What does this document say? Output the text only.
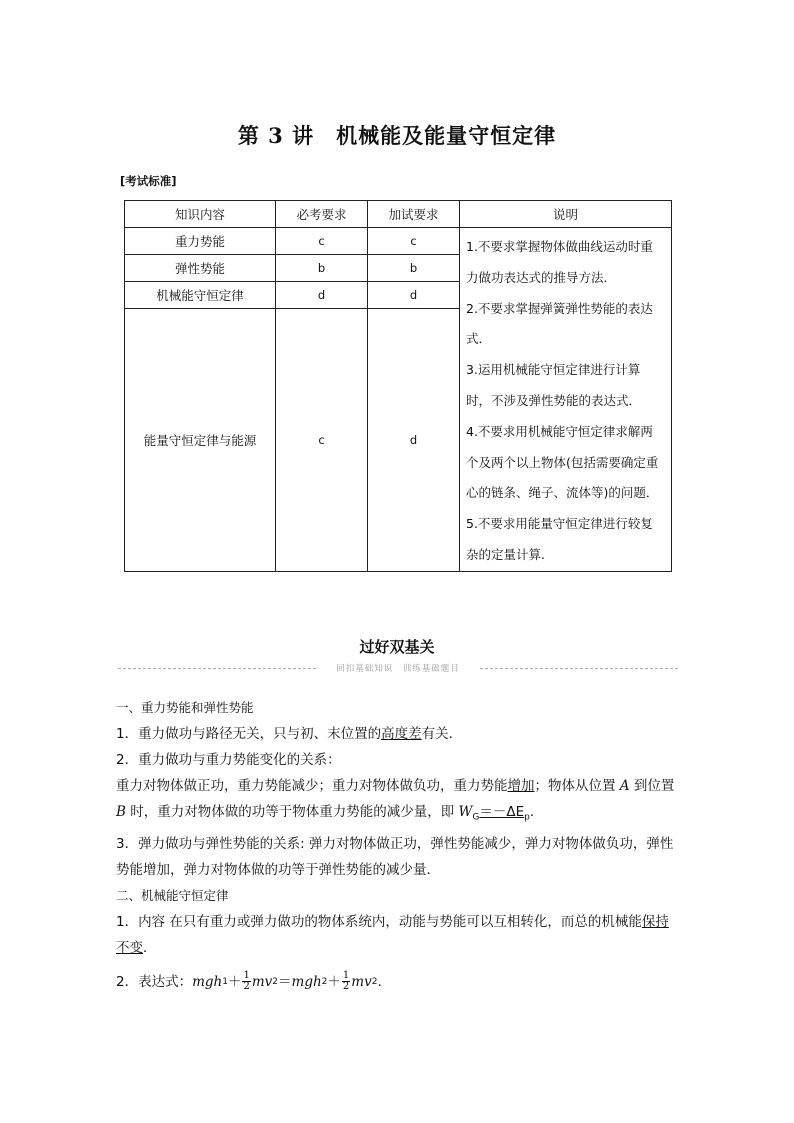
第 3 讲　机械能及能量守恒定律
[考试标准]
知识内容	必考要求	加试要求	说明
重力势能	c	c	1.不要求掌握物体做曲线运动时重力做功表达式的推导方法．
2.不要求掌握弹簧弹性势能的表达式．
3.运用机械能守恒定律进行计算时，不涉及弹性势能的表达式．
4.不要求用机械能守恒定律求解两个及两个以上物体(包括需要确定重心的链条、绳子、流体等)的问题．
5.不要求用能量守恒定律进行较复杂的定量计算.

弹性势能	b	b	
机械能守恒定律	d	d	
能量守恒定律与能源	c	d	
过好双基关
回扣基础知识　训练基础题目

一、重力势能和弹性势能

1．重力做功与路径无关，只与初、末位置的高度差有关．

2．重力做功与重力势能变化的关系：

重力对物体做正功，重力势能减少；重力对物体做负功，重力势能增加；物体从位置 A 到位置 B 时，重力对物体做的功等于物体重力势能的减少量，即 $W_G=-\Delta E_p$.

3．弹力做功与弹性势能的关系: 弹力对物体做正功，弹性势能减少，弹力对物体做负功，弹性势能增加，弹力对物体做的功等于弹性势能的减少量．

二、机械能守恒定律

1．内容 在只有重力或弹力做功的物体系统内，动能与势能可以互相转化，而总的机械能保持不变．

2．表达式： mgh $1 + \frac{1}{2}$ mv 2 ＝ mgh $2 + \frac{1}{2}$ mv 2 .
